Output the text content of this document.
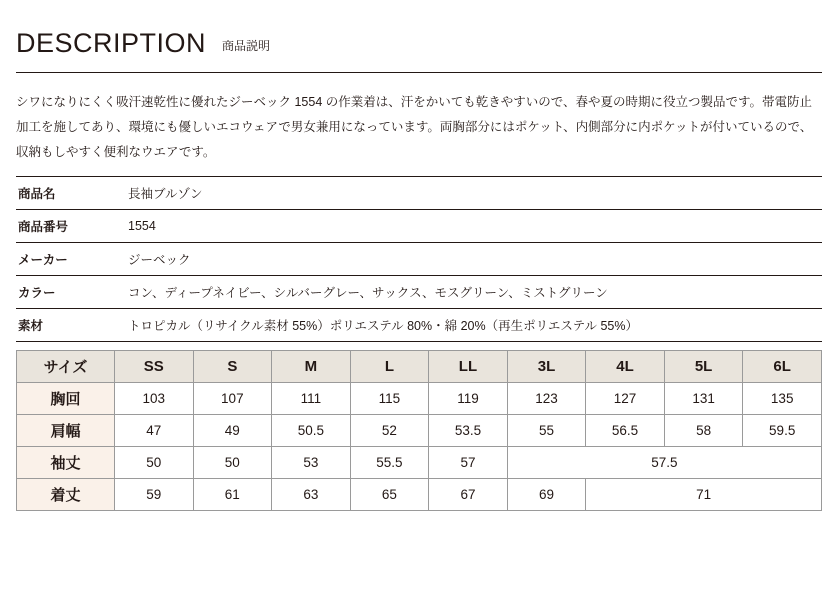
DESCRIPTION 商品説明
シワになりにくく吸汗速乾性に優れたジーベック 1554 の作業着は、汗をかいても乾きやすいので、春や夏の時期に役立つ製品です。帯電防止加工を施してあり、環境にも優しいエコウェアで男女兼用になっています。両胸部分にはポケット、内側部分に内ポケットが付いているので、収納もしやすく便利なウエアです。
商品名	長袖ブルゾン
商品番号	1554
メーカー	ジーベック
カラー	コン、ディープネイビー、シルバーグレー、サックス、モスグリーン、ミストグリーン
素材	トロピカル（リサイクル素材 55%）ポリエステル 80%・綿 20%（再生ポリエステル 55%）
サイズ	SS	S	M	L	LL	3L	4L	5L	6L
胸回	103	107	111	115	119	123	127	131	135
肩幅	47	49	50.5	52	53.5	55	56.5	58	59.5
袖丈	50	50	53	55.5	57	57.5			
着丈	59	61	63	65	67	69	71		
